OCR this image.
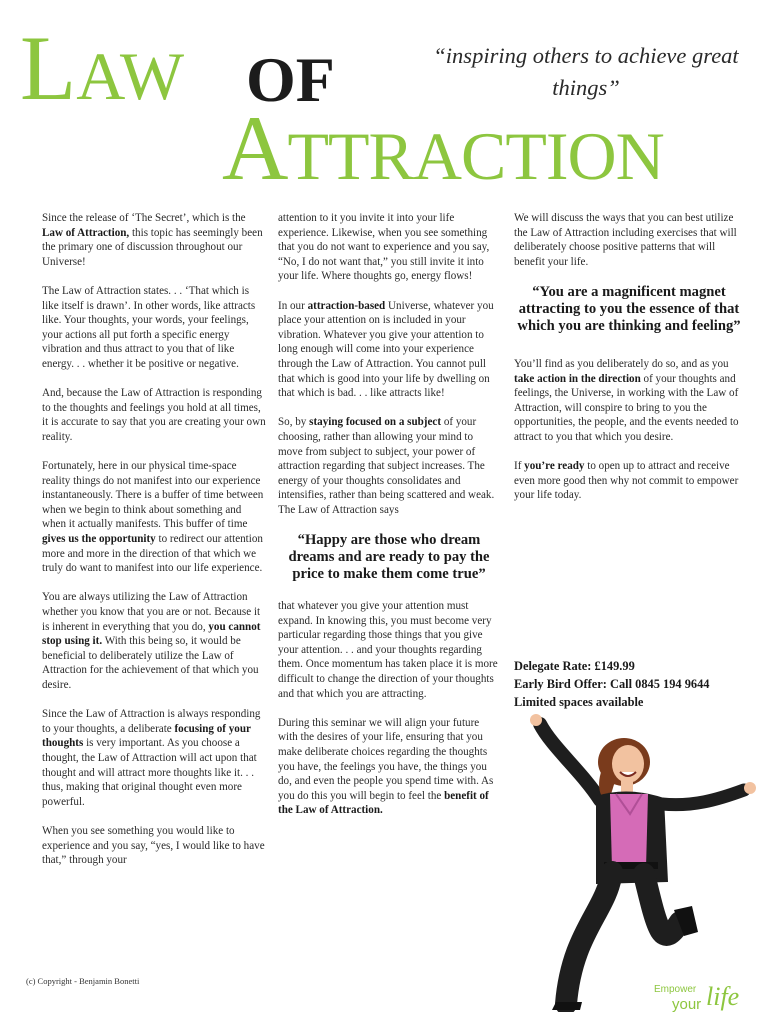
LAW OF
ATTRACTION
“inspiring others to achieve great things”

Since the release of ‘The Secret’, which is the Law of Attraction, this topic has seemingly been the primary one of discussion throughout our Universe!

The Law of Attraction states. . . ‘That which is like itself is drawn’. In other words, like attracts like. Your thoughts, your words, your feelings, your actions all put forth a specific energy vibration and thus attract to you that of like energy. . . whether it be positive or negative.

And, because the Law of Attraction is responding to the thoughts and feelings you hold at all times, it is accurate to say that you are creating your own reality.

Fortunately, here in our physical time-space reality things do not manifest into our experience instantaneously. There is a buffer of time between when we begin to think about something and when it actually manifests. This buffer of time gives us the opportunity to redirect our attention more and more in the direction of that which we truly do want to manifest into our life experience.

You are always utilizing the Law of Attraction whether you know that you are or not. Because it is inherent in everything that you do, you cannot stop using it. With this being so, it would be beneficial to deliberately utilize the Law of Attraction for the achievement of that which you desire.

Since the Law of Attraction is always responding to your thoughts, a deliberate focusing of your thoughts is very important. As you choose a thought, the Law of Attraction will act upon that thought and will attract more thoughts like it. . . thus, making that original thought even more powerful.

When you see something you would like to experience and you say, “yes, I would like to have that,” through your

attention to it you invite it into your life experience. Likewise, when you see something that you do not want to experience and you say, “No, I do not want that,” you still invite it into your life. Where thoughts go, energy flows!

In our attraction-based Universe, whatever you place your attention on is included in your vibration. Whatever you give your attention to long enough will come into your experience through the Law of Attraction. You cannot pull that which is good into your life by dwelling on that which is bad. . . like attracts like!

So, by staying focused on a subject of your choosing, rather than allowing your mind to move from subject to subject, your power of attraction regarding that subject increases. The energy of your thoughts consolidates and intensifies, rather than being scattered and weak. The Law of Attraction says

“Happy are those who dream dreams and are ready to pay the price to make them come true”

that whatever you give your attention must expand. In knowing this, you must become very particular regarding those things that you give your attention. . . and your thoughts regarding them. Once momentum has taken place it is more difficult to change the direction of your thoughts and that which you are attracting.

During this seminar we will align your future with the desires of your life, ensuring that you make deliberate choices regarding the thoughts you have, the feelings you have, the things you do, and even the people you spend time with. As you do this you will begin to feel the benefit of the Law of Attraction.

We will discuss the ways that you can best utilize the Law of Attraction including exercises that will deliberately choose positive patterns that will benefit your life.

“You are a magnificent magnet attracting to you the essence of that which you are thinking and feeling”

You’ll find as you deliberately do so, and as you take action in the direction of your thoughts and feelings, the Universe, in working with the Law of Attraction, will conspire to bring to you the opportunities, the people, and the events needed to attract to you that which you desire.

If you’re ready to open up to attract and receive even more good then why not commit to empower your life today.

Delegate Rate: £149.99
Early Bird Offer: Call 0845 194 9644
Limited spaces available
(c) Copyright - Benjamin Bonetti
Empower
your life
